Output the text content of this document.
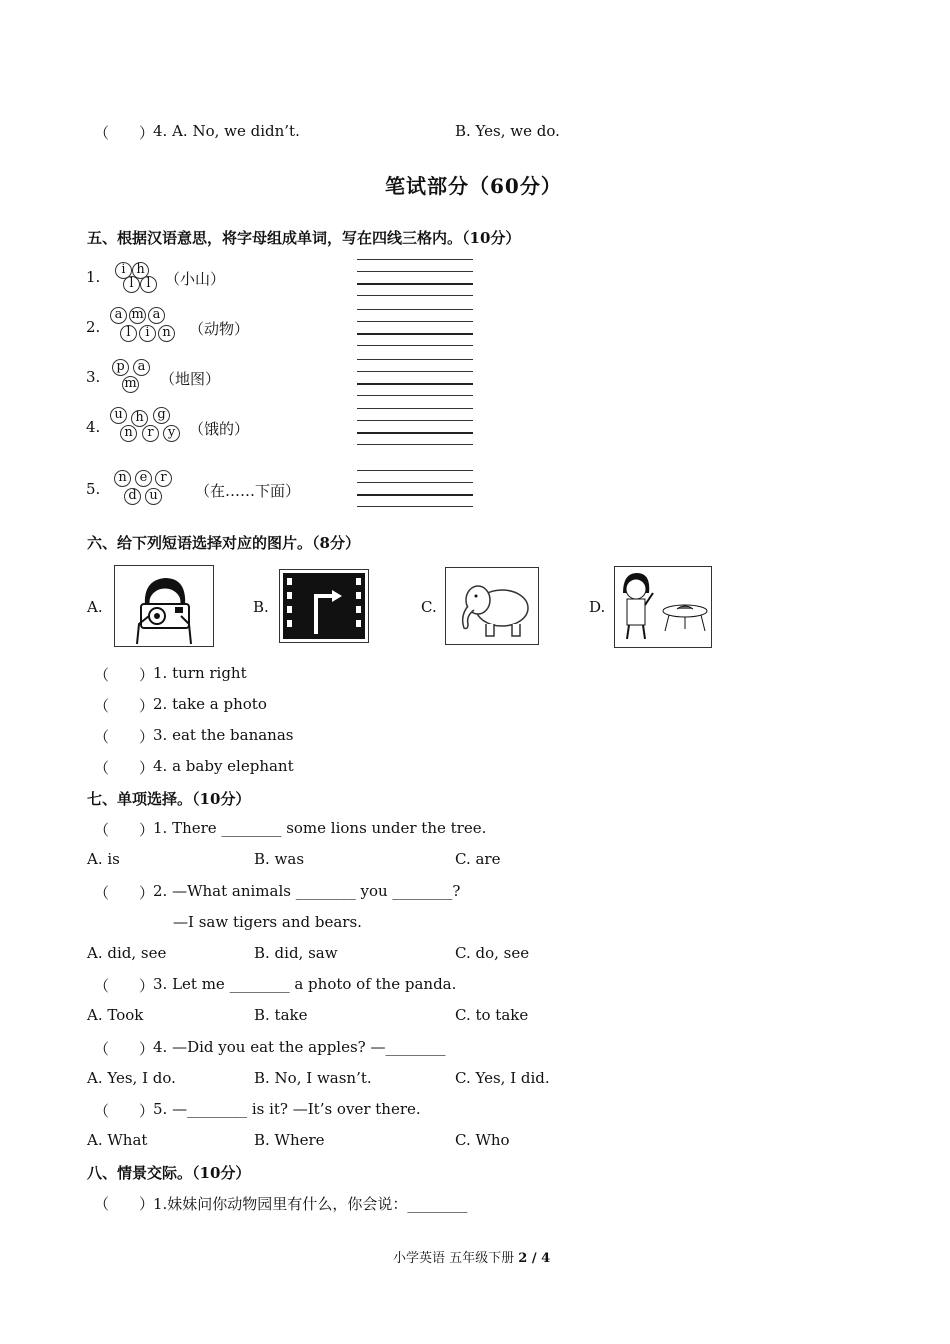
（　　）
4. A. No, we didn’t.	B. Yes, we do.
笔试部分（60分）
五、根据汉语意思，将字母组成单词，写在四线三格内。（10分）
1.	i h
l l （小山）
2.
a m a
l	i n （动物）
3.
p a
m （地图）
4.
u h	g
n	r	y （饿的）
5.
n e	r
d u （在……下面）
六、给下列短语选择对应的图片。（8分）
A.	B.	C.	D.
（　　）
1. turn right
（　　）
2. take a photo
（　　）
3. eat the bananas
（　　）
4. a baby elephant
七、单项选择。（10分）
（　　）
1. There ________ some lions under the tree.
A. is	B. was	C. are
（　　）
2. —What animals ________ you ________?
—I saw tigers and bears.
A. did, see	B. did, saw	C. do, see
（　　）
3. Let me ________ a photo of the panda.
A. Took	B. take	C. to take
（　　）
4. —Did you eat the apples? —________
A. Yes, I do.	B. No, I wasn’t.	C. Yes, I did.
（　　）
5. —________ is it? —It’s over there.
A. What	B. Where	C. Who
八、情景交际。（10分）
（　　）
1.妹妹问你动物园里有什么，你会说：________
小学英语 五年级下册 2 / 4
